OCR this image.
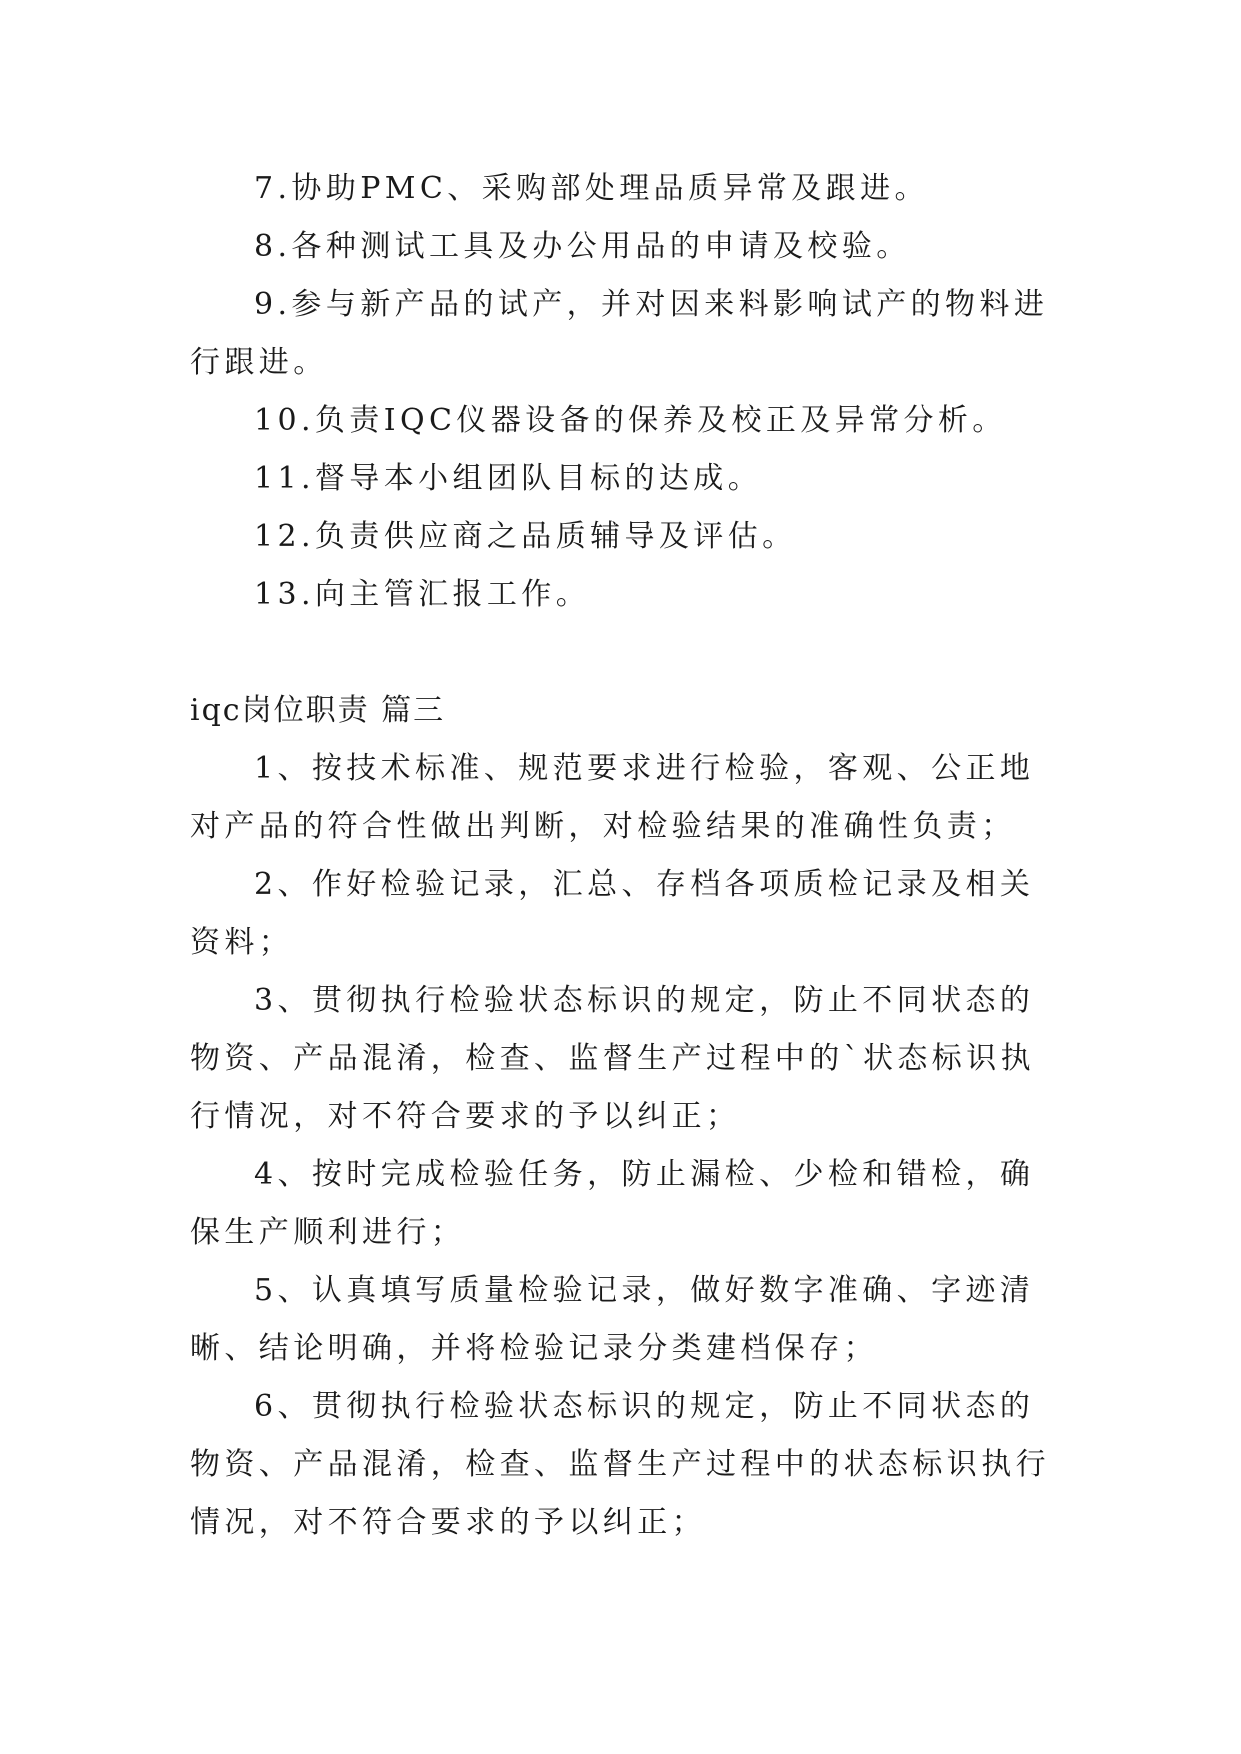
7.协助PMC、采购部处理品质异常及跟进。

8.各种测试工具及办公用品的申请及校验。

9.参与新产品的试产，并对因来料影响试产的物料进行跟进。

10.负责IQC仪器设备的保养及校正及异常分析。

11.督导本小组团队目标的达成。

12.负责供应商之品质辅导及评估。

13.向主管汇报工作。

iqc岗位职责 篇三

1、按技术标准、规范要求进行检验，客观、公正地对产品的符合性做出判断，对检验结果的准确性负责；

2、作好检验记录，汇总、存档各项质检记录及相关资料；

3、贯彻执行检验状态标识的规定，防止不同状态的物资、产品混淆，检查、监督生产过程中的`状态标识执行情况，对不符合要求的予以纠正；

4、按时完成检验任务，防止漏检、少检和错检，确保生产顺利进行；

5、认真填写质量检验记录，做好数字准确、字迹清晰、结论明确，并将检验记录分类建档保存；

6、贯彻执行检验状态标识的规定，防止不同状态的物资、产品混淆，检查、监督生产过程中的状态标识执行情况，对不符合要求的予以纠正；
